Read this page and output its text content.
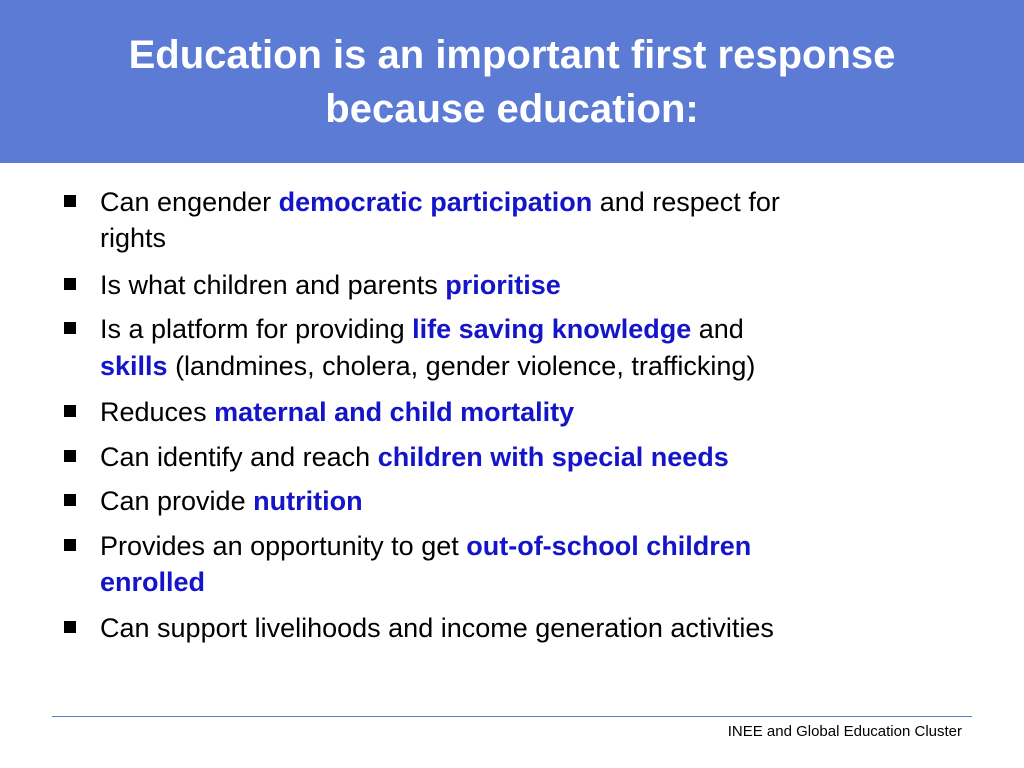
Education is an important first response
because education:
Can engender democratic participation and respect for
rights
Is what children and parents prioritise
Is a platform for providing life saving knowledge and
skills (landmines, cholera, gender violence, trafficking)
Reduces maternal and child mortality
Can identify and reach children with special needs
Can provide nutrition
Provides an opportunity to get out-of-school children
enrolled
Can support livelihoods and income generation activities
INEE and Global Education Cluster
